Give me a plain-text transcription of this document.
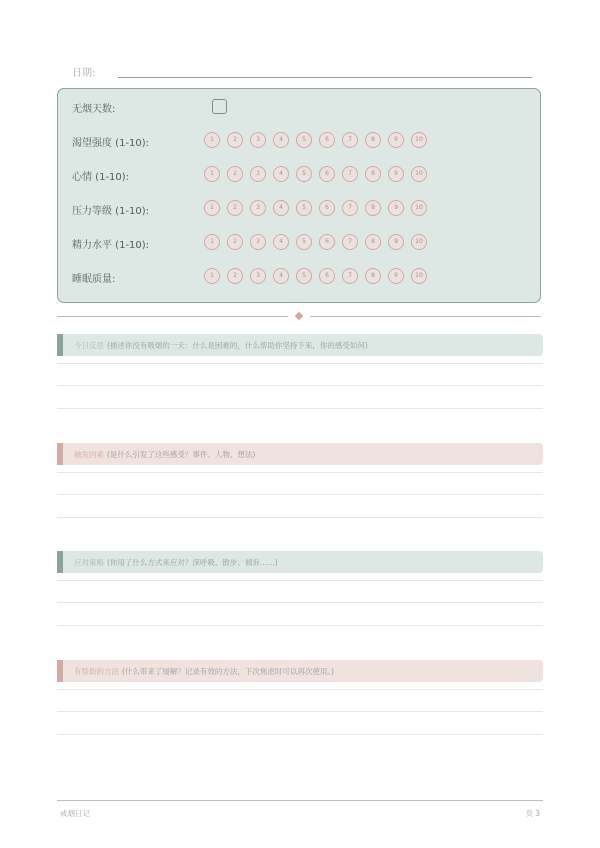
日期:
无烟天数:
渴望强度 (1-10):	1	2	3	4	5	6	7	8	9	10
心情 (1-10):	1	2	3	4	5	6	7	8	9	10
压力等级 (1-10):	1	2	3	4	5	6	7	8	9	10
精力水平 (1-10):	1	2	3	4	5	6	7	8	9	10
睡眠质量:	1	2	3	4	5	6	7	8	9	10
今日反思 (描述你没有吸烟的一天：什么是困难的，什么帮助你坚持下来，你的感受如何)
触发因素 (是什么引发了这些感受？事件、人物、想法)
应对策略 (你用了什么方式来应对？深呼吸、散步、倾诉……)
有帮助的方法 (什么带来了缓解？记录有效的方法，下次焦虑时可以再次使用。)
戒烟日记	页 3
